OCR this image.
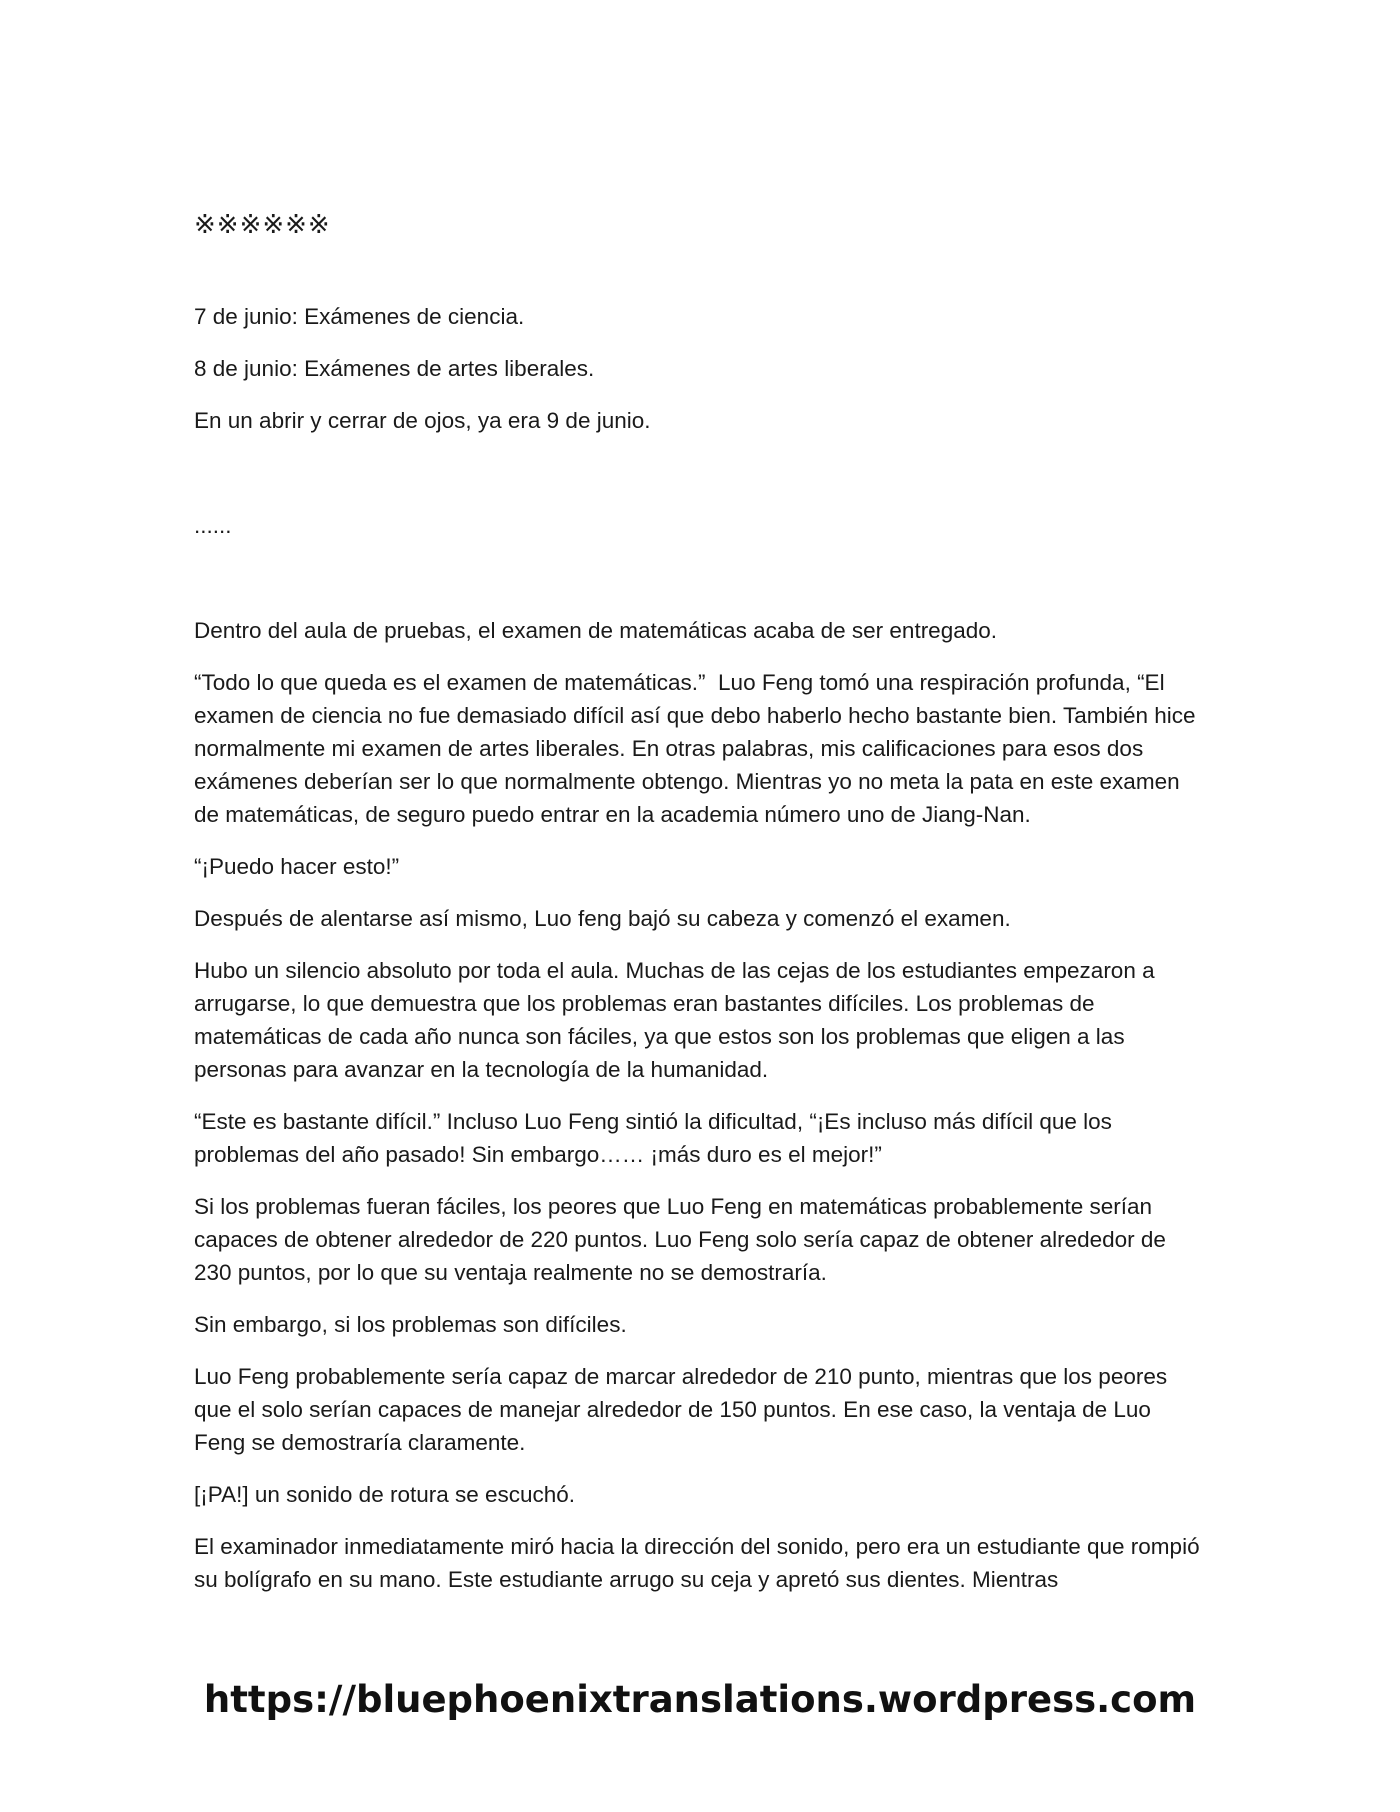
※※※※※※

7 de junio: Exámenes de ciencia.

8 de junio: Exámenes de artes liberales.

En un abrir y cerrar de ojos, ya era 9 de junio.

......

Dentro del aula de pruebas, el examen de matemáticas acaba de ser entregado.

“Todo lo que queda es el examen de matemáticas.”  Luo Feng tomó una respiración profunda, “El examen de ciencia no fue demasiado difícil así que debo haberlo hecho bastante bien. También hice normalmente mi examen de artes liberales. En otras palabras, mis calificaciones para esos dos exámenes deberían ser lo que normalmente obtengo. Mientras yo no meta la pata en este examen de matemáticas, de seguro puedo entrar en la academia número uno de Jiang-Nan.

“¡Puedo hacer esto!”

Después de alentarse así mismo, Luo feng bajó su cabeza y comenzó el examen.

Hubo un silencio absoluto por toda el aula. Muchas de las cejas de los estudiantes empezaron a arrugarse, lo que demuestra que los problemas eran bastantes difíciles. Los problemas de matemáticas de cada año nunca son fáciles, ya que estos son los problemas que eligen a las personas para avanzar en la tecnología de la humanidad.

“Este es bastante difícil.” Incluso Luo Feng sintió la dificultad, “¡Es incluso más difícil que los problemas del año pasado! Sin embargo…… ¡más duro es el mejor!”

Si los problemas fueran fáciles, los peores que Luo Feng en matemáticas probablemente serían capaces de obtener alrededor de 220 puntos. Luo Feng solo sería capaz de obtener alrededor de 230 puntos, por lo que su ventaja realmente no se demostraría.

Sin embargo, si los problemas son difíciles.

Luo Feng probablemente sería capaz de marcar alrededor de 210 punto, mientras que los peores que el solo serían capaces de manejar alrededor de 150 puntos. En ese caso, la ventaja de Luo Feng se demostraría claramente.

[¡PA!] un sonido de rotura se escuchó.

El examinador inmediatamente miró hacia la dirección del sonido, pero era un estudiante que rompió su bolígrafo en su mano. Este estudiante arrugo su ceja y apretó sus dientes. Mientras

https://bluephoenixtranslations.wordpress.com
